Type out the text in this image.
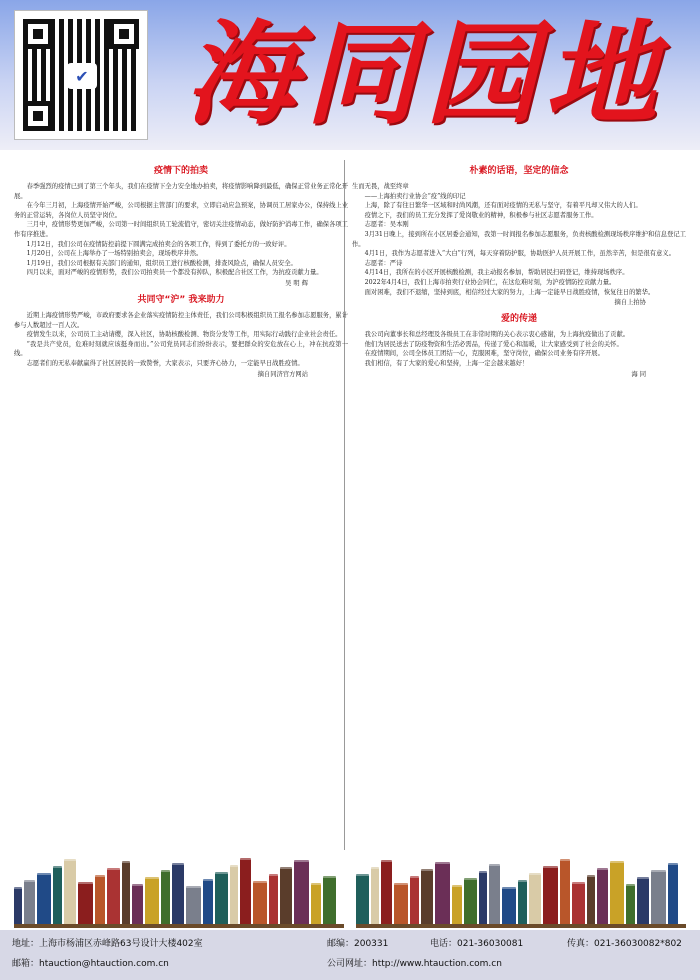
✔ 海同园地
疫情下的拍卖

春季强烈的疫情已到了第三个年头，我们在疫情下全力安全地办拍卖，将疫情影响降到最低，确保正常业务正常化开展。

在今年三月初，上海疫情开始严峻，公司根据主管部门的要求，立即启动应急预案，协调员工居家办公，保持线上业务的正常运转，各岗位人员坚守岗位。

三月中，疫情形势更加严峻，公司第一时间组织员工轮流值守，密切关注疫情动态，做好防护消毒工作，确保各项工作有序推进。

1月12日，我们公司在疫情防控前提下圆满完成拍卖会的各项工作，得到了委托方的一致好评。

1月20日，公司在上海举办了一场特别拍卖会，现场秩序井然。

1月19日，我们公司根据有关部门的通知，组织员工进行核酸检测，排查风险点，确保人员安全。

四月以来，面对严峻的疫情形势，我们公司拍卖员一个都没有掉队，积极配合社区工作，为抗疫贡献力量。

吴 明 辉
共同守“沪” 我来助力

近期上海疫情形势严峻，市政府要求各企业落实疫情防控主体责任，我们公司积极组织员工报名参加志愿服务，累计参与人数超过一百人次。

疫情发生以来，公司员工主动请缨，深入社区，协助核酸检测、物资分发等工作，用实际行动践行企业社会责任。

“我是共产党员，危难时刻就应该挺身而出。”公司党员同志们纷纷表示，要把群众的安危放在心上，冲在抗疫第一线。

志愿者们的无私奉献赢得了社区居民的一致赞誉，大家表示，只要齐心协力，一定能早日战胜疫情。

摘自同济官方网站
朴素的话语，坚定的信念

生而无畏，战至终章

——上海拍卖行业协会“疫”线的印记

上海，除了有往日繁华一区域和时尚风潮，还有面对疫情的无私与坚守，有着平凡却又伟大的人们。

疫情之下，我们的员工充分发挥了爱岗敬业的精神，积极参与社区志愿者服务工作。

志愿者：吴本刚

3月31日晚上，接到所在小区居委会通知，我第一时间报名参加志愿服务，负责核酸检测现场秩序维护和信息登记工作。

4月1日，我作为志愿者进入“大白”行列，每天穿着防护服，协助医护人员开展工作，虽然辛苦，但是很有意义。

志愿者：严诗

4月14日，我所在的小区开展核酸检测，我主动报名参加，帮助居民扫码登记，维持现场秩序。

2022年4月4日，我们上海市拍卖行业协会同仁，在这危难时刻，为沪疫情防控贡献力量。

面对困难，我们不退缩，坚持到底，相信经过大家的努力，上海一定能早日战胜疫情，恢复往日的繁华。

摘自上拍协
爱的传递

我公司向董事长和总经理及各级员工在非常时期的关心表示衷心感谢，为上海抗疫做出了贡献。

他们为居民送去了防疫物资和生活必需品，传递了爱心和温暖，让大家感受到了社会的关怀。

在疫情期间，公司全体员工团结一心，克服困难，坚守岗位，确保公司业务有序开展。

我们相信，有了大家的爱心和坚持，上海一定会越来越好！

海 同
地址：上海市杨浦区赤峰路63号设计大楼402室	邮编：200331	电话：021-36030081	传真：021-36030082*802
邮箱：htauction@htauction.com.cn	公司网址：http://www.htauction.com.cn
